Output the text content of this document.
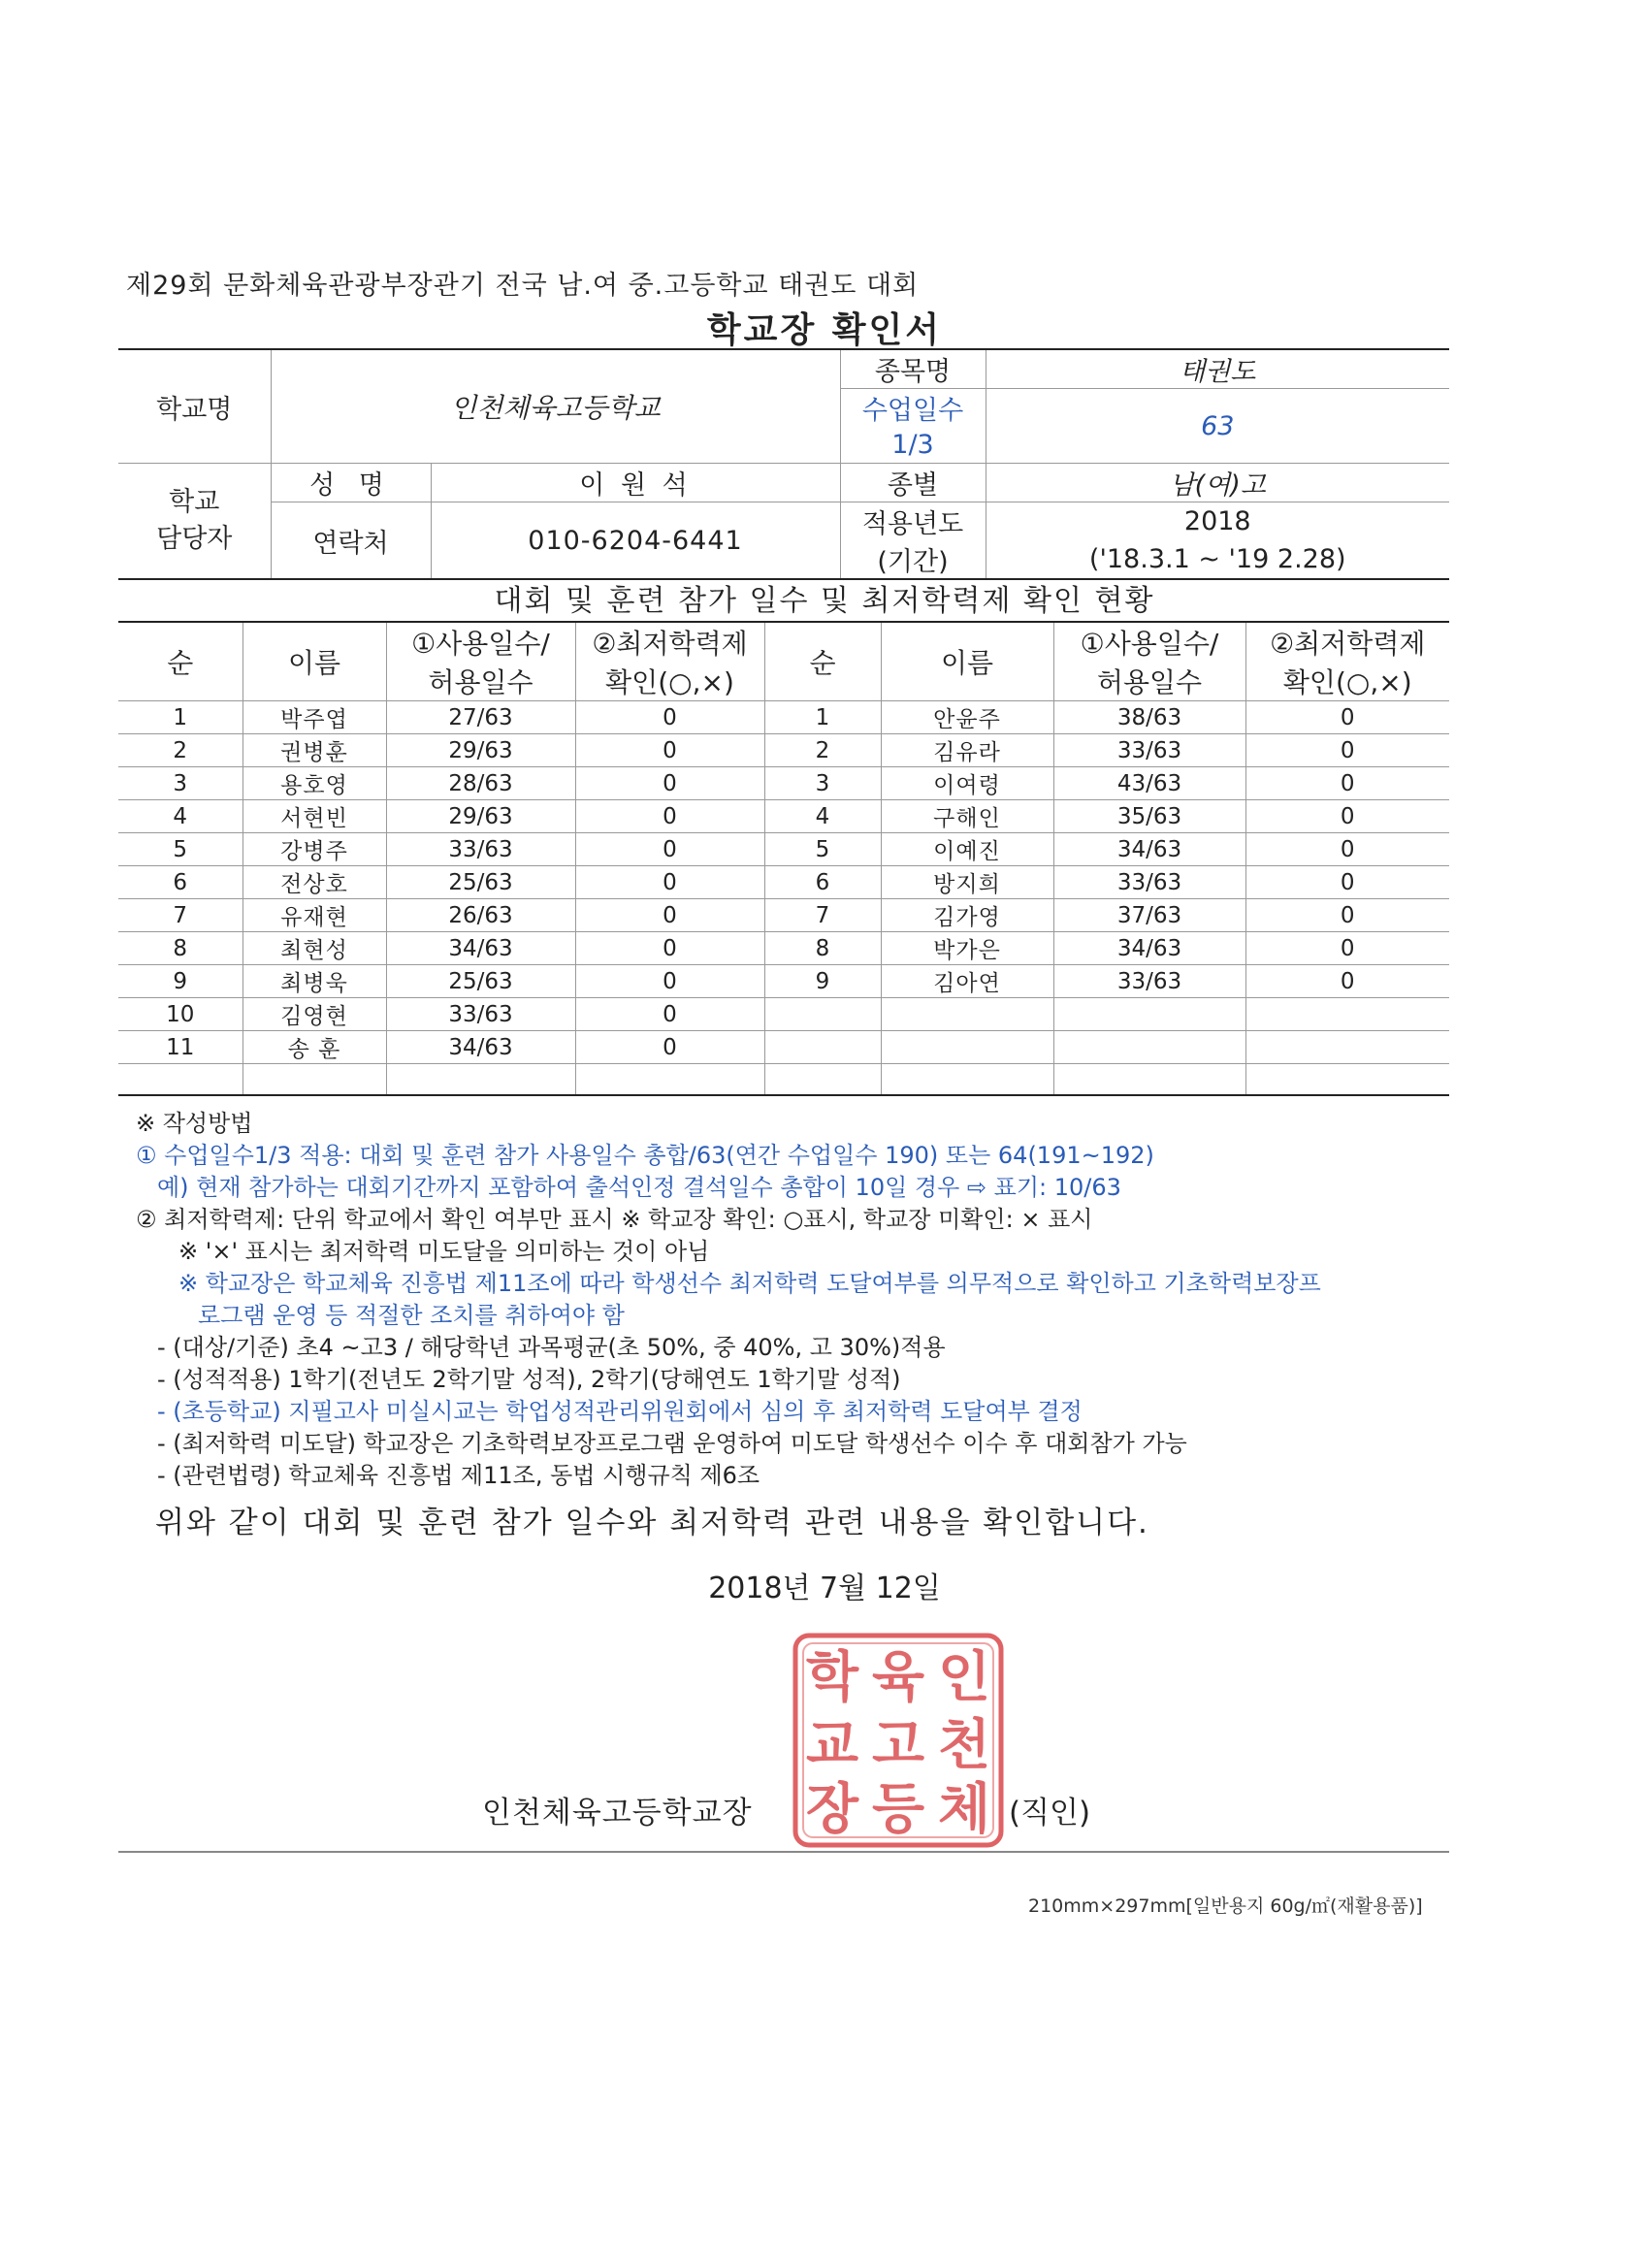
제29회 문화체육관광부장관기 전국 남.여 중.고등학교 태권도 대회
학교장 확인서
학교명	인천체육고등학교		종목명	태권도
			수업일수	63
			1/3	

학교
담당자	성 명	이 원 석	종별	남(여)고
	연락처	010-6204-6441	적용년도	2018
			(기간)	('18.3.1 ~ '19 2.28)
대회 및 훈련 참가 일수 및 최저학력제 확인 현황
순	이름	①사용일수/	②최저학력제	순	이름	①사용일수/	②최저학력제
		허용일수	확인(○,×)			허용일수	확인(○,×)
1	박주엽	27/63	0	1	안윤주	38/63	0
2	권병훈	29/63	0	2	김유라	33/63	0
3	용호영	28/63	0	3	이여령	43/63	0
4	서현빈	29/63	0	4	구해인	35/63	0
5	강병주	33/63	0	5	이예진	34/63	0
6	전상호	25/63	0	6	방지희	33/63	0
7	유재현	26/63	0	7	김가영	37/63	0
8	최현성	34/63	0	8	박가은	34/63	0
9	최병욱	25/63	0	9	김아연	33/63	0
10	김영현	33/63	0				
11	송 훈	34/63	0				

※ 작성방법
① 수업일수1/3 적용: 대회 및 훈련 참가 사용일수 총합/63(연간 수업일수 190) 또는 64(191~192)
예) 현재 참가하는 대회기간까지 포함하여 출석인정 결석일수 총합이 10일 경우 ⇨ 표기: 10/63
② 최저학력제: 단위 학교에서 확인 여부만 표시 ※ 학교장 확인: ○표시, 학교장 미확인: × 표시
※ '×' 표시는 최저학력 미도달을 의미하는 것이 아님
※ 학교장은 학교체육 진흥법 제11조에 따라 학생선수 최저학력 도달여부를 의무적으로 확인하고 기초학력보장프
로그램 운영 등 적절한 조치를 취하여야 함
- (대상/기준) 초4 ~고3 / 해당학년 과목평균(초 50%, 중 40%, 고 30%)적용
- (성적적용) 1학기(전년도 2학기말 성적), 2학기(당해연도 1학기말 성적)
- (초등학교) 지필고사 미실시교는 학업성적관리위원회에서 심의 후 최저학력 도달여부 결정
- (최저학력 미도달) 학교장은 기초학력보장프로그램 운영하여 미도달 학생선수 이수 후 대회참가 가능
- (관련법령) 학교체육 진흥법 제11조, 동법 시행규칙 제6조
위와 같이 대회 및 훈련 참가 일수와 최저학력 관련 내용을 확인합니다.
2018년 7월 12일
인천체육고등학교장
인
천
체
육
고
등
학
교
장	(직인)
210mm×297mm[일반용지 60g/㎡(재활용품)]
